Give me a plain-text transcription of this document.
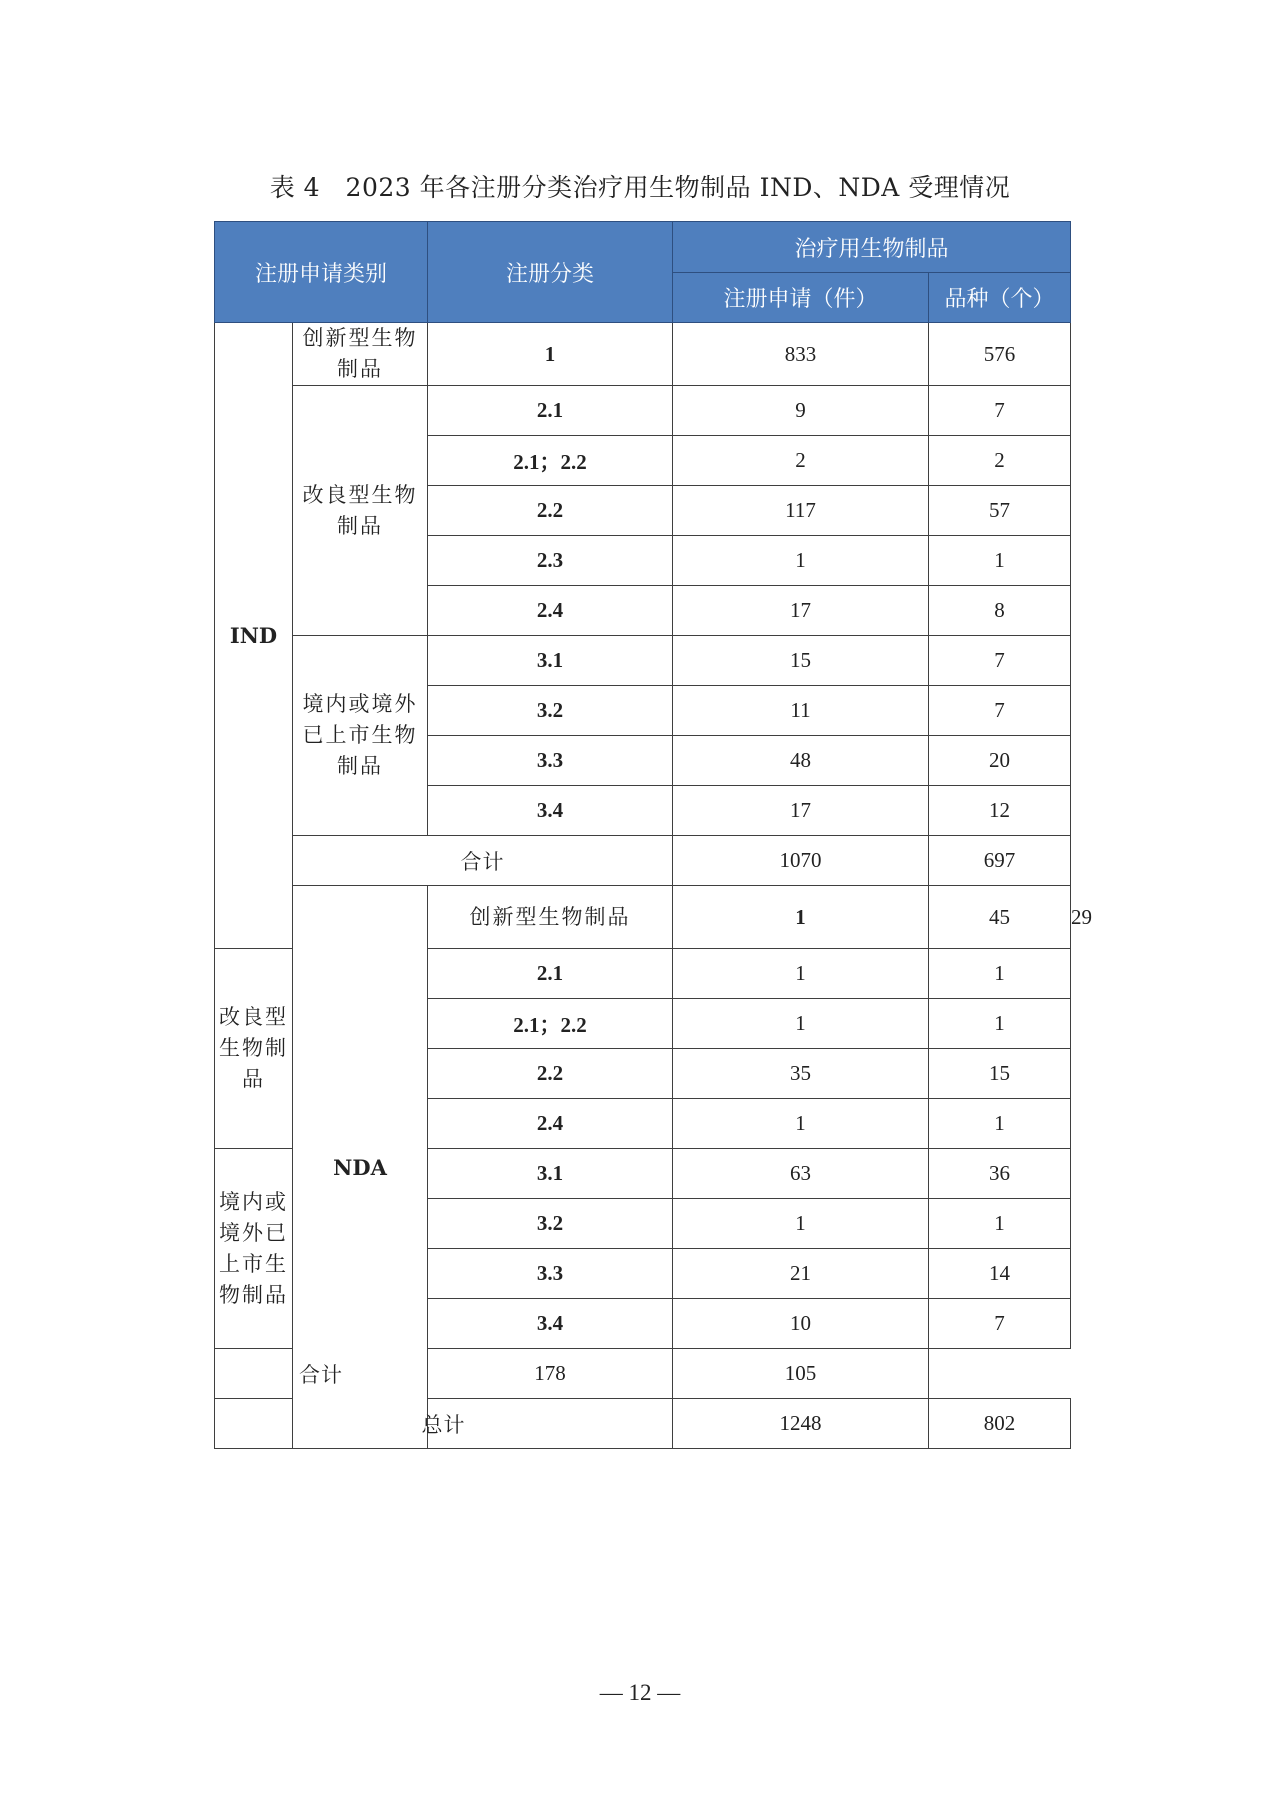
表 4　2023 年各注册分类治疗用生物制品 IND、NDA 受理情况
注册申请类别		注册分类	治疗用生物制品		
			注册申请（件）	品种（个）	
IND	创新型生物制品	1	833	576	
	改良型生物制品	2.1	9	7	
		2.1；2.2	2	2	
		2.2	117	57	
		2.3	1	1	
		2.4	17	8	
	境内或境外已上市生物制品	3.1	15	7	
		3.2	11	7	
		3.3	48	20	
		3.4	17	12	
	合计		1070	697	
	NDA	创新型生物制品	1	45	29
改良型生物制品		2.1	1	1	
		2.1；2.2	1	1	
		2.2	35	15	
		2.4	1	1	
境内或境外已上市生物制品		3.1	63	36	
		3.2	1	1	
		3.3	21	14	
		3.4	10	7	
合计		178	105		
总计			1248	802	
— 12 —
